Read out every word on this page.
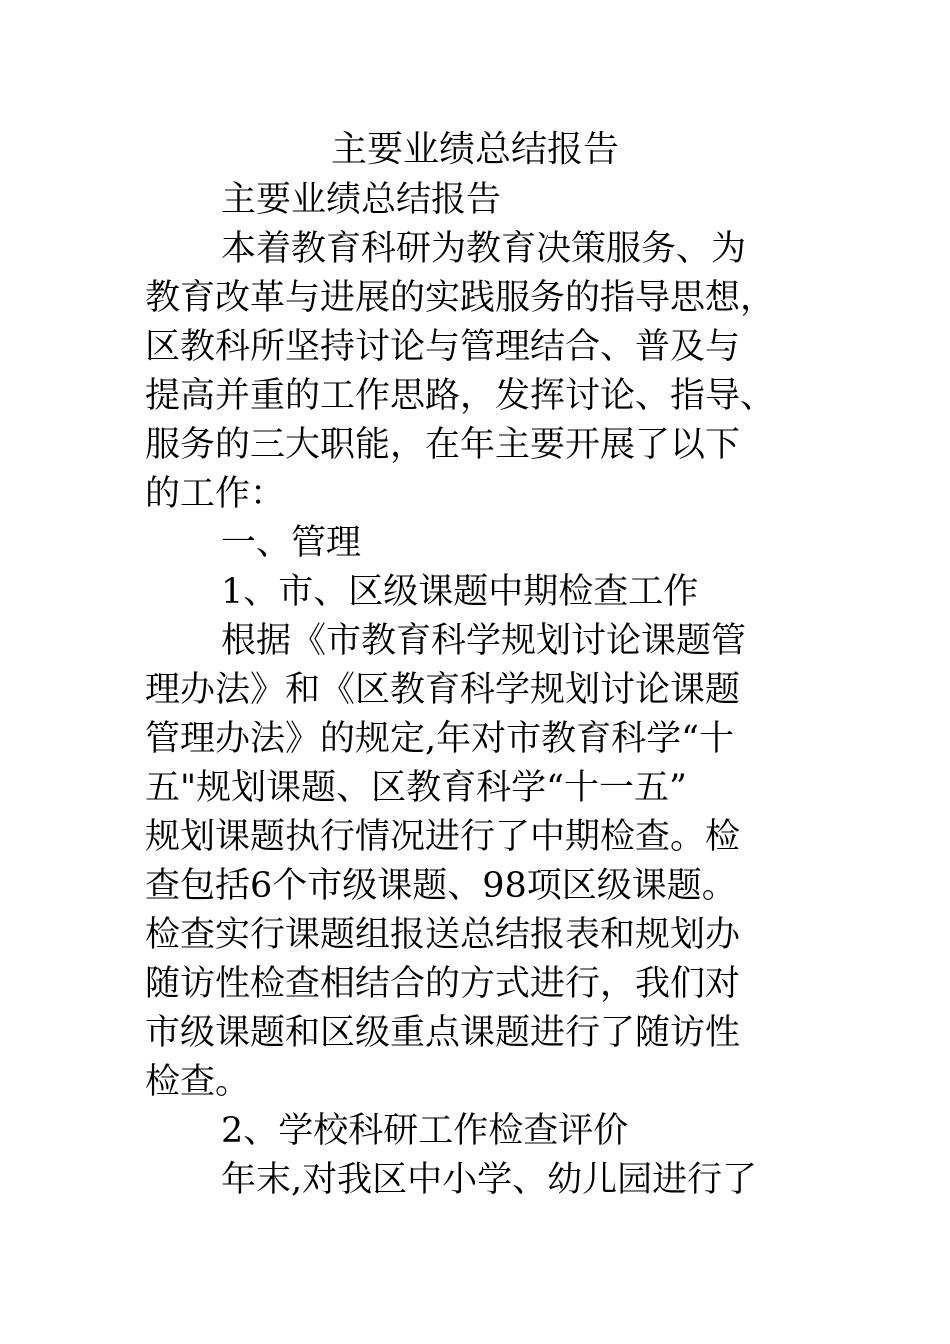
主要业绩总结报告

主要业绩总结报告

本着教育科研为教育决策服务、为
教育改革与进展的实践服务的指导思想，
区教科所坚持讨论与管理结合、普及与
提高并重的工作思路，发挥讨论、指导、
服务的三大职能，在年主要开展了以下
的工作：

一、管理

1、市、区级课题中期检查工作

根据《市教育科学规划讨论课题管
理办法》和《区教育科学规划讨论课题
管理办法》的规定,年对市教育科学“十
五"规划课题、区教育科学“十一五”
规划课题执行情况进行了中期检查。检
查包括6个市级课题、98项区级课题。
检查实行课题组报送总结报表和规划办
随访性检查相结合的方式进行，我们对
市级课题和区级重点课题进行了随访性
检查。

2、学校科研工作检查评价

年末,对我区中小学、幼儿园进行了
